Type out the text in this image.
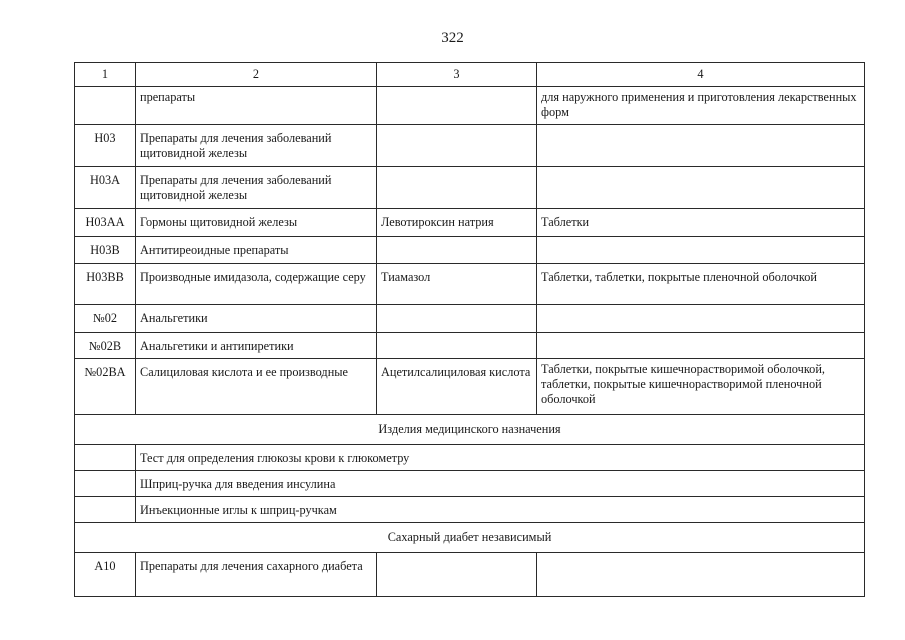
322
1	2	3	4
	препараты		для наружного применения и приготовления лекарственных форм
H03	Препараты для лечения заболеваний щитовидной железы		
H03A	Препараты для лечения заболеваний щитовидной железы		
H03AA	Гормоны щитовидной железы	Левотироксин натрия	Таблетки
H03B	Антитиреоидные препараты		
H03BB	Производные имидазола, содержащие серу	Тиамазол	Таблетки, таблетки, покрытые пленочной оболочкой
№02	Анальгетики		
№02B	Анальгетики и антипиретики		
№02BA	Салициловая кислота и ее производные	Ацетилсалициловая кислота	Таблетки, покрытые кишечнорастворимой оболочкой, таблетки, покрытые кишечнорастворимой пленочной оболочкой
Изделия медицинского назначения			
	Тест для определения глюкозы крови к глюкометру		
	Шприц-ручка для введения инсулина		
	Инъекционные иглы к шприц-ручкам		
Сахарный диабет независимый			
A10	Препараты для лечения сахарного диабета		
